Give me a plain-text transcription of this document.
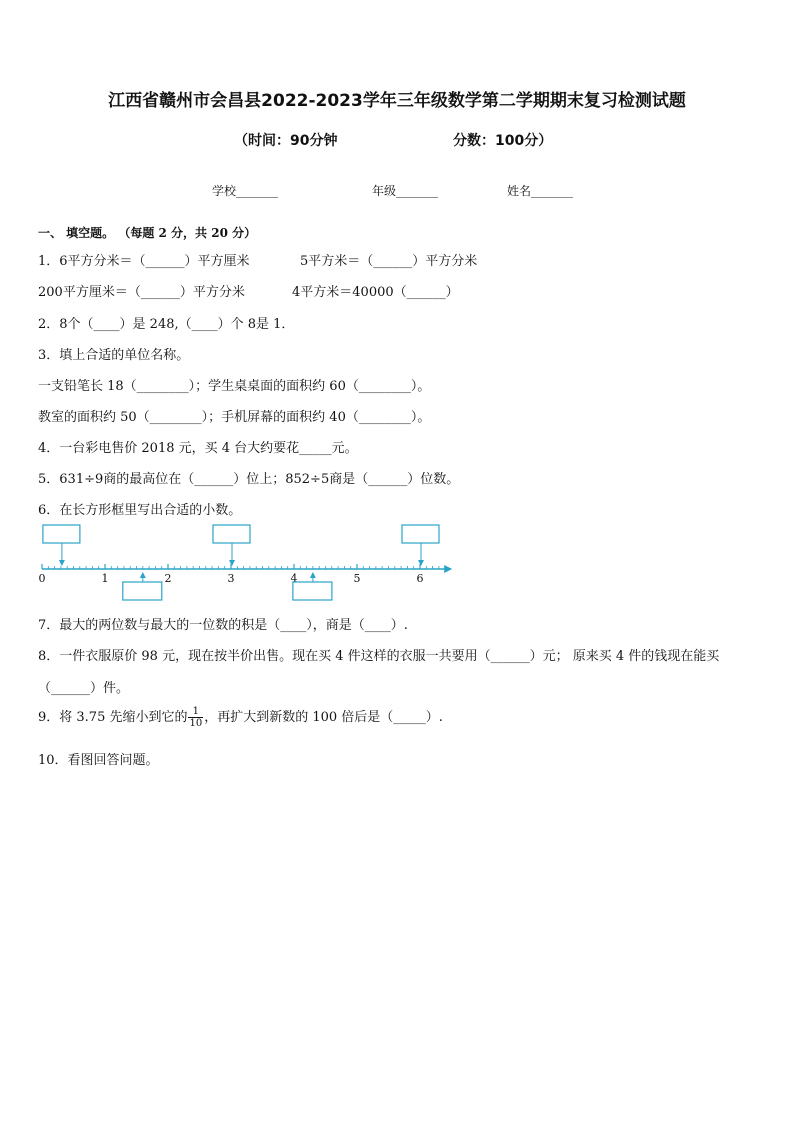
江西省赣州市会昌县2022-2023学年三年级数学第二学期期末复习检测试题
（时间：90分钟	分数：100分）
学校_______	年级_______	姓名_______
一、 填空题。 （每题 2 分，共 20 分）
1．6平方分米＝（______）平方厘米	5平方米＝（______）平方分米
200平方厘米＝（______）平方分米	4平方米＝40000（______）
2．8个（____）是 248,（____）个 8是 1．
3．填上合适的单位名称。
一支铅笔长 18（________）；学生桌桌面的面积约 60（________）。
教室的面积约 50（________）；手机屏幕的面积约 40（________）。
4．一台彩电售价 2018 元，买 4 台大约要花_____元。
5．631÷9商的最高位在（______）位上；852÷5商是（______）位数。
6．在长方形框里写出合适的小数。
0	1	2	3	4	5	6
7．最大的两位数与最大的一位数的积是（____），商是（____）.
8．一件衣服原价 98 元，现在按半价出售。现在买 4 件这样的衣服一共要用（______）元； 原来买 4 件的钱现在能买
（______）件。
9．将 3.75 先缩小到它的 $\frac{1}{10}$ ，再扩大到新数的 100 倍后是（_____）.
10．看图回答问题。
